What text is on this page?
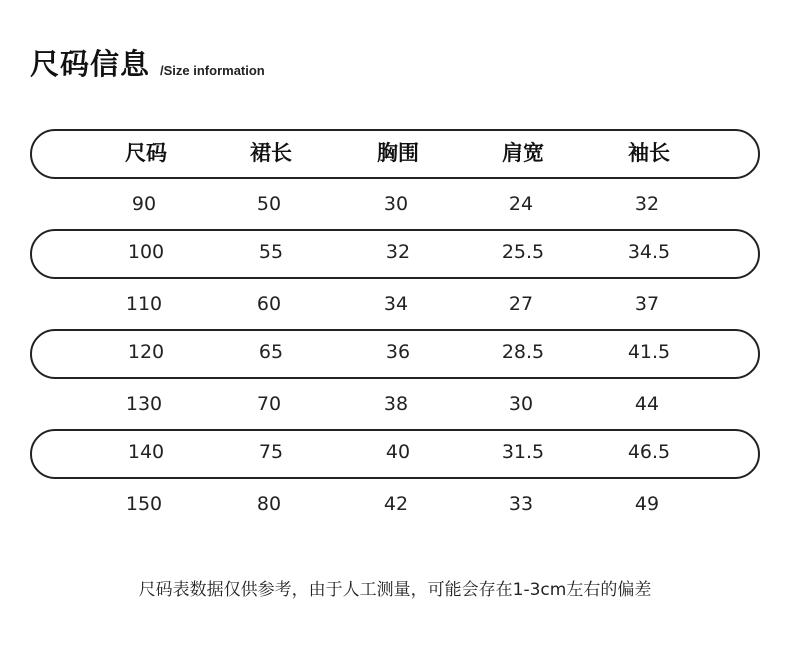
尺码信息 /Size information
尺码	裙长	胸围	肩宽	袖长
90	50	30	24	32
100	55	32	25.5	34.5
110	60	34	27	37
120	65	36	28.5	41.5
130	70	38	30	44
140	75	40	31.5	46.5
150	80	42	33	49
尺码表数据仅供参考，由于人工测量，可能会存在1-3cm左右的偏差
